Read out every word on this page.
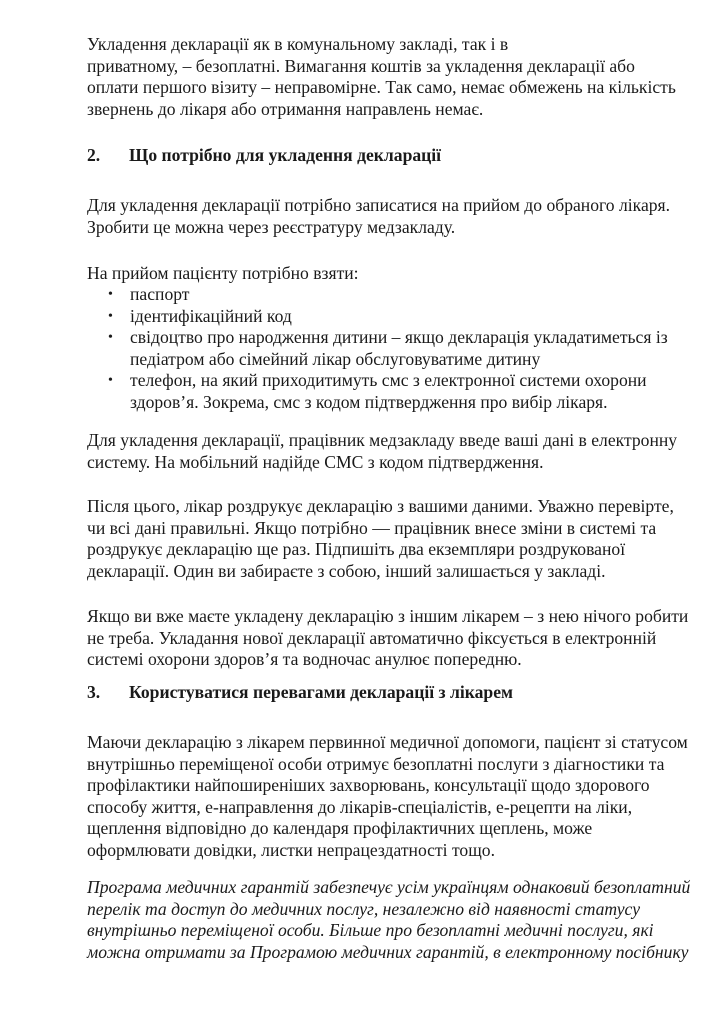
Укладення декларації як в комунальному закладі, так і в
приватному, – безоплатні. Вимагання коштів за укладення декларації або
оплати першого візиту – неправомірне. Так само, немає обмежень на кількість
звернень до лікаря або отримання направлень немає.

2. Що потрібно для укладення декларації

Для укладення декларації потрібно записатися на прийом до обраного лікаря.
Зробити це можна через реєстратуру медзакладу.

На прийом пацієнту потрібно взяти:

• паспорт
• ідентифікаційний код
• свідоцтво про народження дитини – якщо декларація укладатиметься із
педіатром або сімейний лікар обслуговуватиме дитину
• телефон, на який приходитимуть смс з електронної системи охорони
здоров’я. Зокрема, смс з кодом підтвердження про вибір лікаря.

Для укладення декларації, працівник медзакладу введе ваші дані в електронну
систему. На мобільний надійде СМС з кодом підтвердження.

Після цього, лікар роздрукує декларацію з вашими даними. Уважно перевірте,
чи всі дані правильні. Якщо потрібно — працівник внесе зміни в системі та
роздрукує декларацію ще раз. Підпишіть два екземпляри роздрукованої
декларації. Один ви забираєте з собою, інший залишається у закладі.

Якщо ви вже маєте укладену декларацію з іншим лікарем – з нею нічого робити
не треба. Укладання нової декларації автоматично фіксується в електронній
системі охорони здоров’я та водночас анулює попередню.

3. Користуватися перевагами декларації з лікарем

Маючи декларацію з лікарем первинної медичної допомоги, пацієнт зі статусом
внутрішньо переміщеної особи отримує безоплатні послуги з діагностики та
профілактики найпоширеніших захворювань, консультації щодо здорового
способу життя, е-направлення до лікарів-спеціалістів, е-рецепти на ліки,
щеплення відповідно до календаря профілактичних щеплень, може
оформлювати довідки, листки непрацездатності тощо.

Програма медичних гарантій забезпечує усім українцям однаковий безоплатний
перелік та доступ до медичних послуг, незалежно від наявності статусу
внутрішньо переміщеної особи. Більше про безоплатні медичні послуги, які
можна отримати за Програмою медичних гарантій, в електронному посібнику
